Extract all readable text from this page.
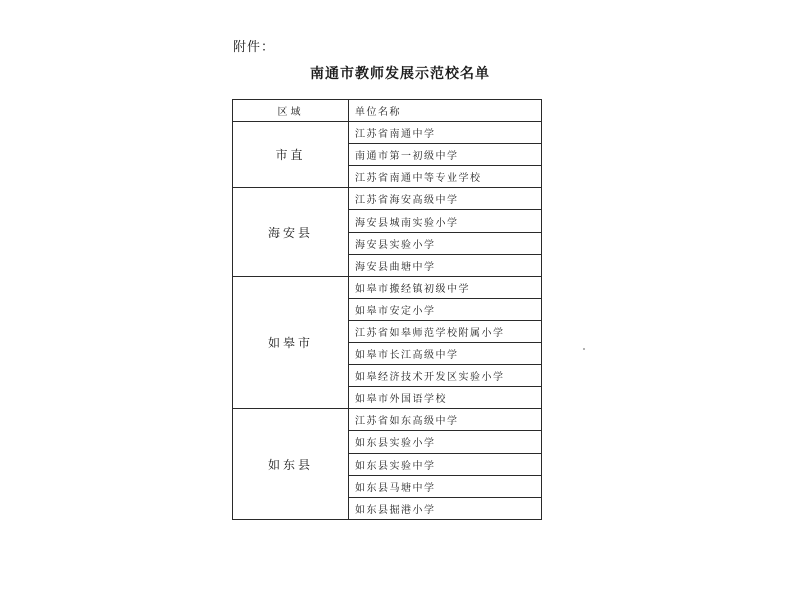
附件：
南通市教师发展示范校名单
区域	单位名称
市直	江苏省南通中学
	南通市第一初级中学
	江苏省南通中等专业学校
海安县	江苏省海安高级中学
	海安县城南实验小学
	海安县实验小学
	海安县曲塘中学
如皋市	如皋市搬经镇初级中学
	如皋市安定小学
	江苏省如皋师范学校附属小学
	如皋市长江高级中学
	如皋经济技术开发区实验小学
	如皋市外国语学校
如东县	江苏省如东高级中学
	如东县实验小学
	如东县实验中学
	如东县马塘中学
	如东县掘港小学
